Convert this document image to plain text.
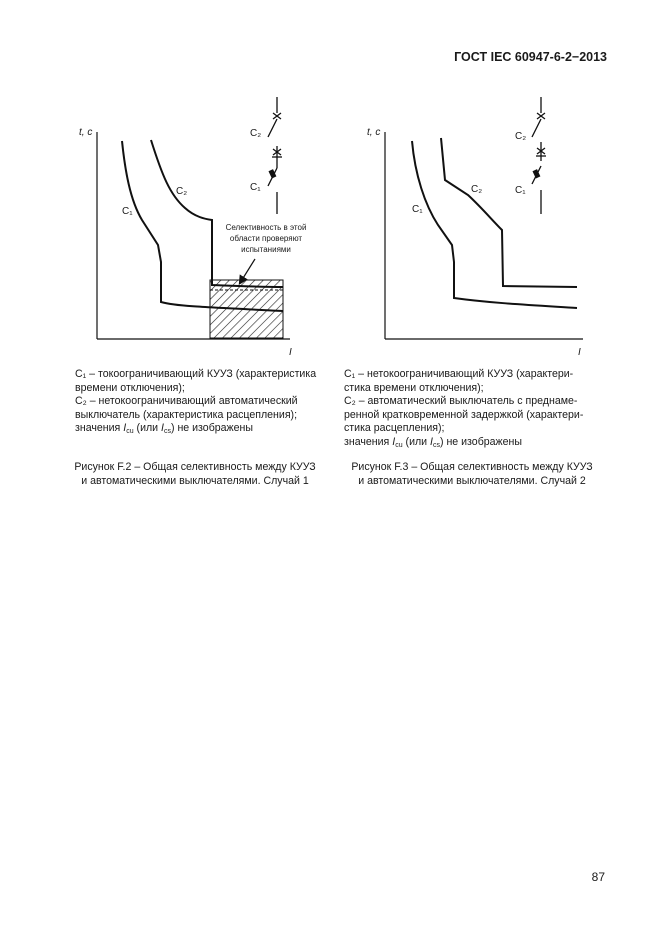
ГОСТ IEC 60947-6-2−2013
t, c
I
C₁
C₂
Селективность в этой
области проверяют
испытаниями
C₂
C₁
t, c
I
C₁
C₂
C₂
C₁
C₁ – токоограничивающий КУУЗ (характеристика
времени отключения);
C₂ – нетокоограничивающий автоматический
выключатель (характеристика расцепления);
значения $I_{cu}$ (или $I_{cs}$) не изображены
C₁ – нетокоограничивающий КУУЗ (характери-
стика времени отключения);
C₂ – автоматический выключатель с преднаме-
ренной кратковременной задержкой (характери-
стика расцепления);
значения $I_{cu}$ (или $I_{cs}$) не изображены
Рисунок F.2 – Общая селективность между КУУЗ
и автоматическими выключателями. Случай 1
Рисунок F.3 – Общая селективность между КУУЗ
и автоматическими выключателями. Случай 2
87
